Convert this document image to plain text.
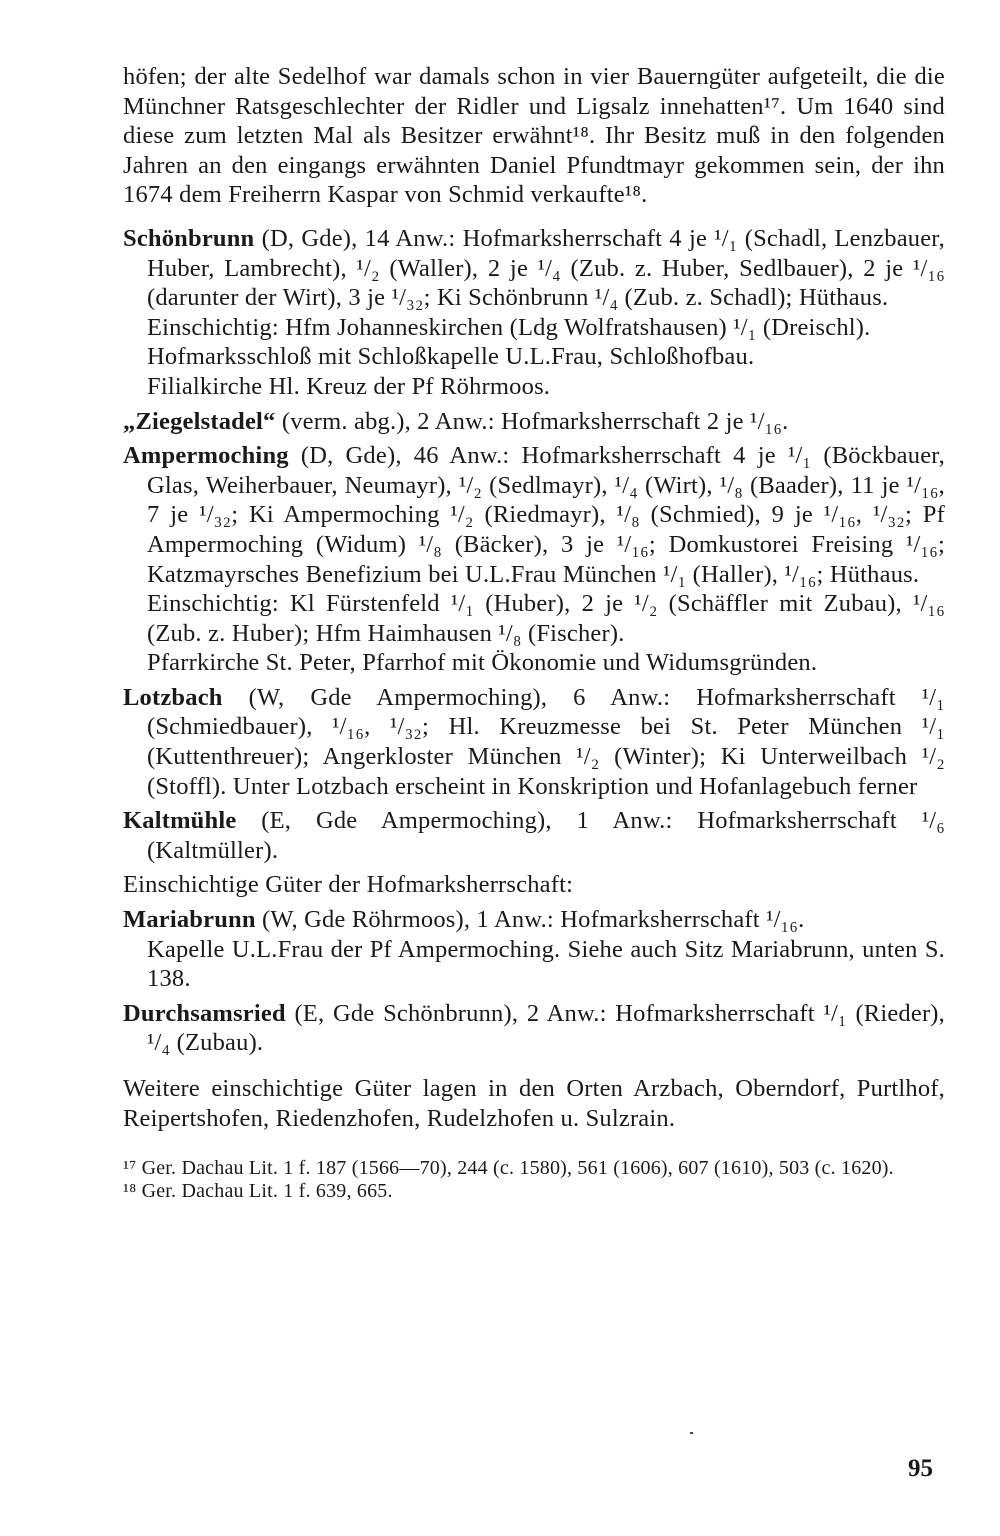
höfen; der alte Sedelhof war damals schon in vier Bauerngüter aufgeteilt, die die Münchner Ratsgeschlechter der Ridler und Ligsalz innehatten¹⁷. Um 1640 sind diese zum letzten Mal als Besitzer erwähnt¹⁸. Ihr Besitz muß in den folgenden Jahren an den eingangs erwähnten Daniel Pfundtmayr gekommen sein, der ihn 1674 dem Freiherrn Kaspar von Schmid verkaufte¹⁸.

Schönbrunn (D, Gde), 14 Anw.: Hofmarksherrschaft 4 je ¹/₁ (Schadl, Lenzbauer, Huber, Lambrecht), ¹/₂ (Waller), 2 je ¹/₄ (Zub. z. Huber, Sedlbauer), 2 je ¹/₁₆ (darunter der Wirt), 3 je ¹/₃₂; Ki Schönbrunn ¹/₄ (Zub. z. Schadl); Hüthaus.

Einschichtig: Hfm Johanneskirchen (Ldg Wolfratshausen) ¹/₁ (Dreischl).

Hofmarksschloß mit Schloßkapelle U.L.Frau, Schloßhofbau.

Filialkirche Hl. Kreuz der Pf Röhrmoos.

„Ziegelstadel“ (verm. abg.), 2 Anw.: Hofmarksherrschaft 2 je ¹/₁₆.

Ampermoching (D, Gde), 46 Anw.: Hofmarksherrschaft 4 je ¹/₁ (Böckbauer, Glas, Weiherbauer, Neumayr), ¹/₂ (Sedlmayr), ¹/₄ (Wirt), ¹/₈ (Baader), 11 je ¹/₁₆, 7 je ¹/₃₂; Ki Ampermoching ¹/₂ (Riedmayr), ¹/₈ (Schmied), 9 je ¹/₁₆, ¹/₃₂; Pf Ampermoching (Widum) ¹/₈ (Bäcker), 3 je ¹/₁₆; Domkustorei Freising ¹/₁₆; Katzmayrsches Benefizium bei U.L.Frau München ¹/₁ (Haller), ¹/₁₆; Hüthaus.

Einschichtig: Kl Fürstenfeld ¹/₁ (Huber), 2 je ¹/₂ (Schäffler mit Zubau), ¹/₁₆ (Zub. z. Huber); Hfm Haimhausen ¹/₈ (Fischer).

Pfarrkirche St. Peter, Pfarrhof mit Ökonomie und Widumsgründen.

Lotzbach (W, Gde Ampermoching), 6 Anw.: Hofmarksherrschaft ¹/₁ (Schmiedbauer), ¹/₁₆, ¹/₃₂; Hl. Kreuzmesse bei St. Peter München ¹/₁ (Kuttenthreuer); Angerkloster München ¹/₂ (Winter); Ki Unterweilbach ¹/₂ (Stoffl). Unter Lotzbach erscheint in Konskription und Hofanlagebuch ferner

Kaltmühle (E, Gde Ampermoching), 1 Anw.: Hofmarksherrschaft ¹/₆ (Kaltmüller).

Einschichtige Güter der Hofmarksherrschaft:

Mariabrunn (W, Gde Röhrmoos), 1 Anw.: Hofmarksherrschaft ¹/₁₆.

Kapelle U.L.Frau der Pf Ampermoching. Siehe auch Sitz Mariabrunn, unten S. 138.

Durchsamsried (E, Gde Schönbrunn), 2 Anw.: Hofmarksherrschaft ¹/₁ (Rieder), ¹/₄ (Zubau).

Weitere einschichtige Güter lagen in den Orten Arzbach, Oberndorf, Purtlhof, Reipertshofen, Riedenzhofen, Rudelzhofen u. Sulzrain.

¹⁷ Ger. Dachau Lit. 1 f. 187 (1566—70), 244 (c. 1580), 561 (1606), 607 (1610), 503 (c. 1620).

¹⁸ Ger. Dachau Lit. 1 f. 639, 665.

95
